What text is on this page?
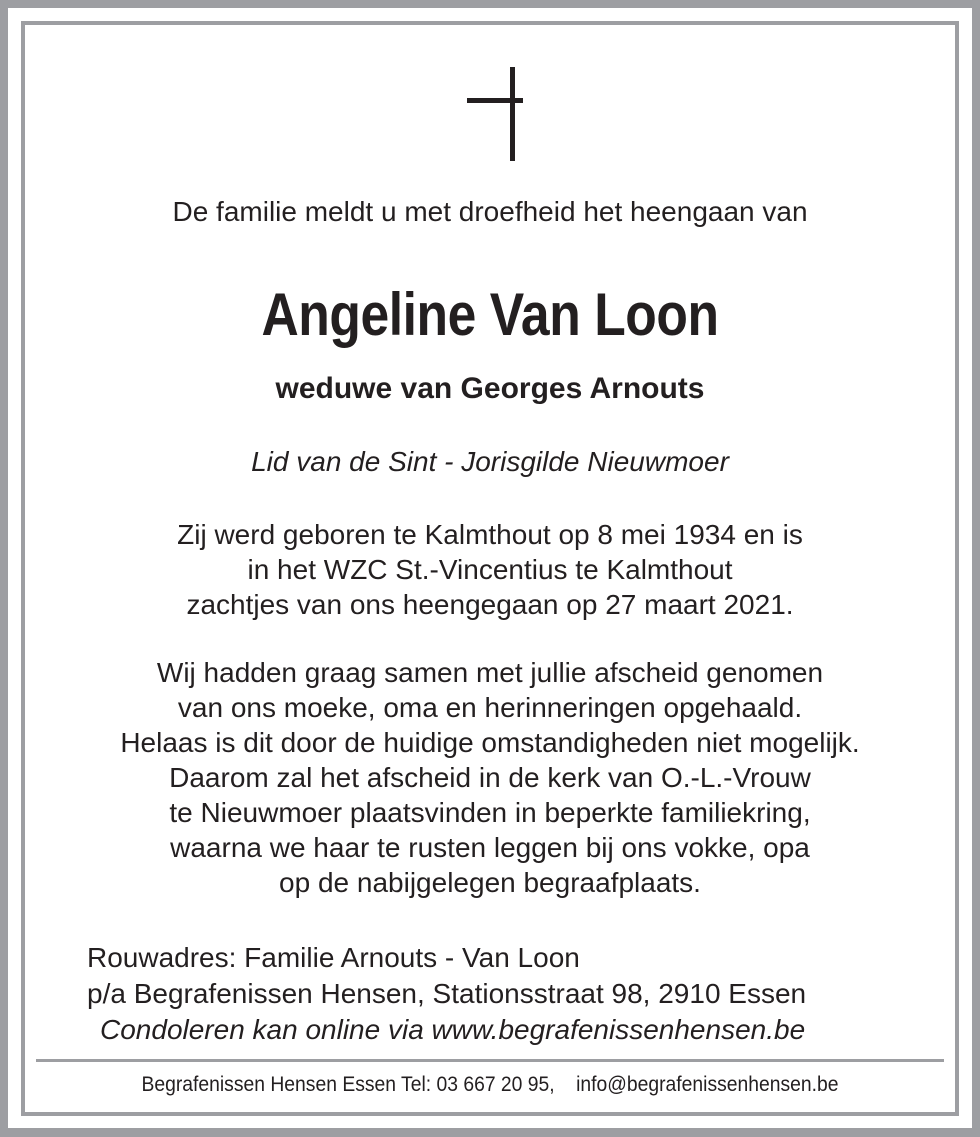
De familie meldt u met droefheid het heengaan van
Angeline Van Loon
weduwe van Georges Arnouts
Lid van de Sint - Jorisgilde Nieuwmoer
Zij werd geboren te Kalmthout op 8 mei 1934 en is
in het WZC St.-Vincentius te Kalmthout
zachtjes van ons heengegaan op 27 maart 2021.
Wij hadden graag samen met jullie afscheid genomen
van ons moeke, oma en herinneringen opgehaald.
Helaas is dit door de huidige omstandigheden niet mogelijk.
Daarom zal het afscheid in de kerk van O.-L.-Vrouw
te Nieuwmoer plaatsvinden in beperkte familiekring,
waarna we haar te rusten leggen bij ons vokke, opa
op de nabijgelegen begraafplaats.
Rouwadres: Familie Arnouts - Van Loon
p/a Begrafenissen Hensen, Stationsstraat 98, 2910 Essen
Condoleren kan online via www.begrafenissenhensen.be
Begrafenissen Hensen Essen Tel: 03 667 20 95, info@begrafenissenhensen.be
